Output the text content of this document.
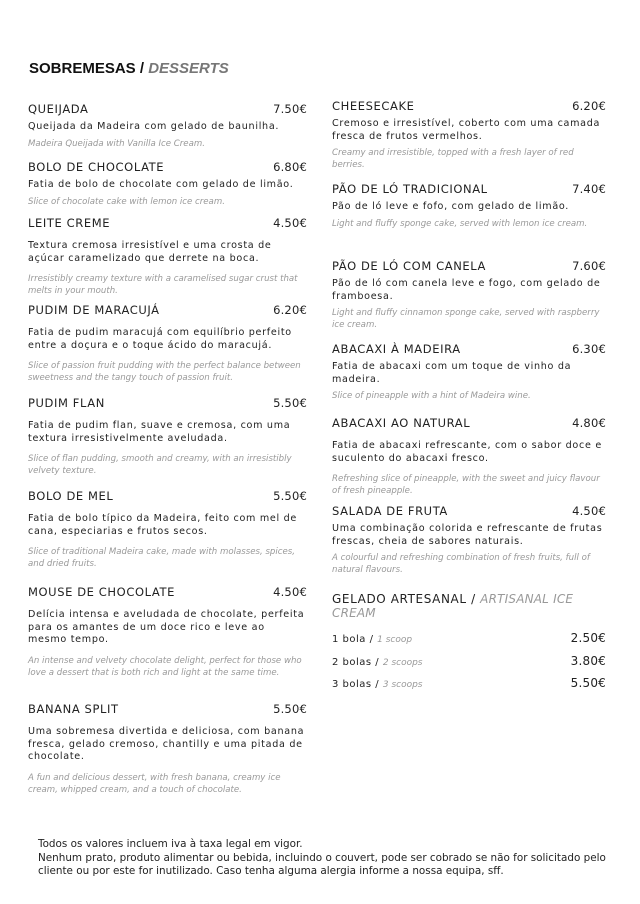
SOBREMESAS / DESSERTS
QUEIJADA	7.50€
Queijada da Madeira com gelado de baunilha.
Madeira Queijada with Vanilla Ice Cream.
BOLO DE CHOCOLATE	6.80€
Fatia de bolo de chocolate com gelado de limão.
Slice of chocolate cake with lemon ice cream.
LEITE CREME	4.50€
Textura cremosa irresistível e uma crosta de açúcar caramelizado que derrete na boca.
Irresistibly creamy texture with a caramelised sugar crust that melts in your mouth.
PUDIM DE MARACUJÁ	6.20€
Fatia de pudim maracujá com equilíbrio perfeito entre a doçura e o toque ácido do maracujá.
Slice of passion fruit pudding with the perfect balance between sweetness and the tangy touch of passion fruit.
PUDIM FLAN	5.50€
Fatia de pudim flan, suave e cremosa, com uma textura irresistivelmente aveludada.
Slice of flan pudding, smooth and creamy, with an irresistibly velvety texture.
BOLO DE MEL	5.50€
Fatia de bolo típico da Madeira, feito com mel de cana, especiarias e frutos secos.
Slice of traditional Madeira cake, made with molasses, spices, and dried fruits.
MOUSE DE CHOCOLATE	4.50€
Delícia intensa e aveludada de chocolate, perfeita para os amantes de um doce rico e leve ao mesmo tempo.
An intense and velvety chocolate delight, perfect for those who love a dessert that is both rich and light at the same time.
BANANA SPLIT	5.50€
Uma sobremesa divertida e deliciosa, com banana fresca, gelado cremoso, chantilly e uma pitada de chocolate.
A fun and delicious dessert, with fresh banana, creamy ice cream, whipped cream, and a touch of chocolate.
CHEESECAKE	6.20€
Cremoso e irresistível, coberto com uma camada fresca de frutos vermelhos.
Creamy and irresistible, topped with a fresh layer of red berries.
PÃO DE LÓ TRADICIONAL	7.40€
Pão de ló leve e fofo, com gelado de limão.
Light and fluffy sponge cake, served with lemon ice cream.
PÃO DE LÓ COM CANELA	7.60€
Pão de ló com canela leve e fogo, com gelado de framboesa.
Light and fluffy cinnamon sponge cake, served with raspberry ice cream.
ABACAXI À MADEIRA	6.30€
Fatia de abacaxi com um toque de vinho da madeira.
Slice of pineapple with a hint of Madeira wine.
ABACAXI AO NATURAL	4.80€
Fatia de abacaxi refrescante, com o sabor doce e suculento do abacaxi fresco.
Refreshing slice of pineapple, with the sweet and juicy flavour of fresh pineapple.
SALADA DE FRUTA	4.50€
Uma combinação colorida e refrescante de frutas frescas, cheia de sabores naturais.
A colourful and refreshing combination of fresh fruits, full of natural flavours.
GELADO ARTESANAL / ARTISANAL ICE CREAM
1 bola / 1 scoop	2.50€
2 bolas / 2 scoops	3.80€
3 bolas / 3 scoops	5.50€
Todos os valores incluem iva à taxa legal em vigor.
Nenhum prato, produto alimentar ou bebida, incluindo o couvert, pode ser cobrado se não for solicitado pelo cliente ou por este for inutilizado. Caso tenha alguma alergia informe a nossa equipa, sff.
